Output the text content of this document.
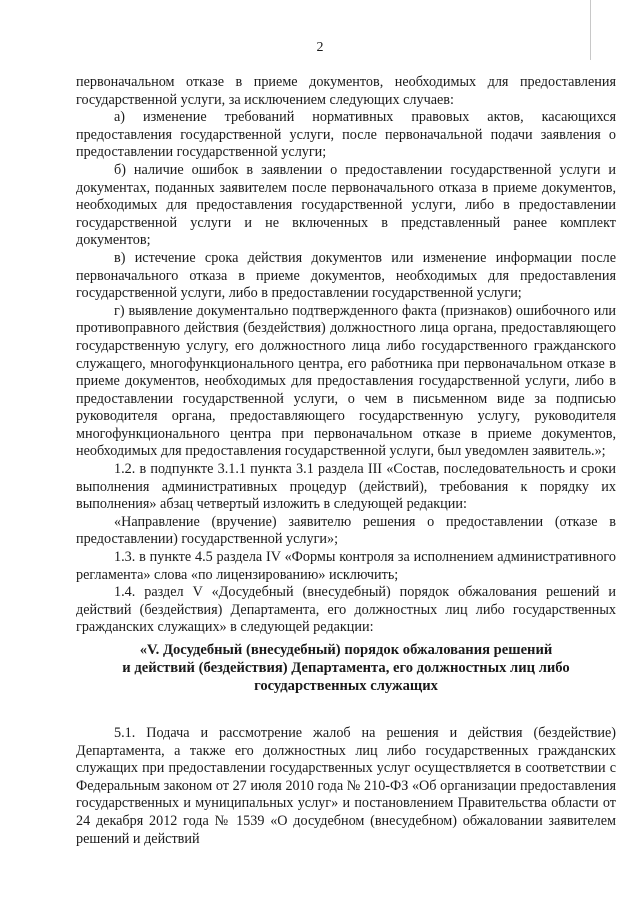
2

первоначальном отказе в приеме документов, необходимых для предоставления государственной услуги, за исключением следующих случаев:

а) изменение требований нормативных правовых актов, касающихся предоставления государственной услуги, после первоначальной подачи заявления о предоставлении государственной услуги;

б) наличие ошибок в заявлении о предоставлении государственной услуги и документах, поданных заявителем после первоначального отказа в приеме документов, необходимых для предоставления государственной услуги, либо в предоставлении государственной услуги и не включенных в представленный ранее комплект документов;

в) истечение срока действия документов или изменение информации после первоначального отказа в приеме документов, необходимых для предоставления государственной услуги, либо в предоставлении государственной услуги;

г) выявление документально подтвержденного факта (признаков) ошибочного или противоправного действия (бездействия) должностного лица органа, предоставляющего государственную услугу, его должностного лица либо государственного гражданского служащего, многофункционального центра, его работника при первоначальном отказе в приеме документов, необходимых для предоставления государственной услуги, либо в предоставлении государственной услуги, о чем в письменном виде за подписью руководителя органа, предоставляющего государственную услугу, руководителя многофункционального центра при первоначальном отказе в приеме документов, необходимых для предоставления государственной услуги, был уведомлен заявитель.»;

1.2. в подпункте 3.1.1 пункта 3.1 раздела III «Состав, последовательность и сроки выполнения административных процедур (действий), требования к порядку их выполнения» абзац четвертый изложить в следующей редакции:

«Направление (вручение) заявителю решения о предоставлении (отказе в предоставлении) государственной услуги»;

1.3. в пункте 4.5 раздела IV «Формы контроля за исполнением административного регламента» слова «по лицензированию» исключить;

1.4. раздел V «Досудебный (внесудебный) порядок обжалования решений и действий (бездействия) Департамента, его должностных лиц либо государственных гражданских служащих» в следующей редакции:

«V. Досудебный (внесудебный) порядок обжалования решений
и действий (бездействия) Департамента, его должностных лиц либо
государственных служащих

5.1. Подача и рассмотрение жалоб на решения и действия (бездействие) Департамента, а также его должностных лиц либо государственных гражданских служащих при предоставлении государственных услуг осуществляется в соответствии с Федеральным законом от 27 июля 2010 года № 210-ФЗ «Об организации предоставления государственных и муниципальных услуг» и постановлением Правительства области от 24 декабря 2012 года № 1539 «О досудебном (внесудебном) обжаловании заявителем решений и действий
